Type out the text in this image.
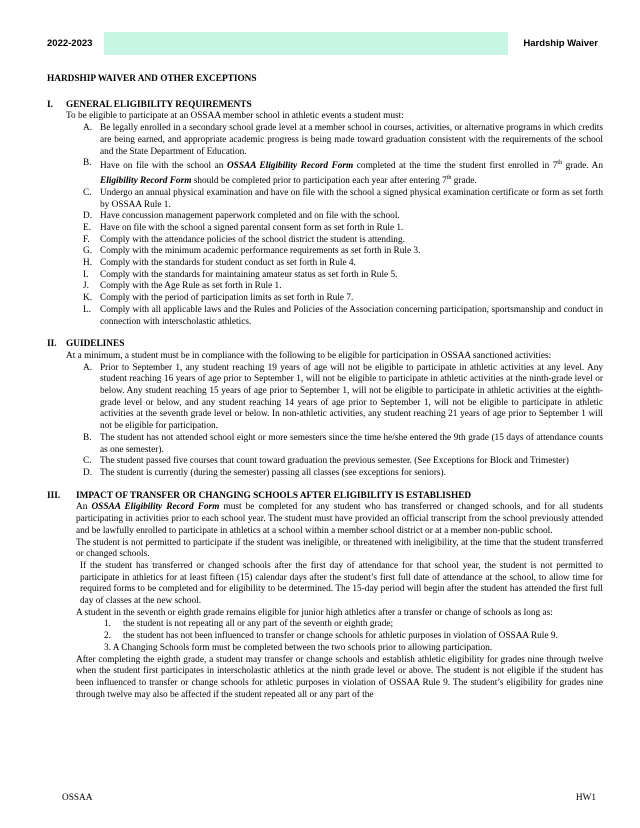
2022-2023	Hardship Waiver
HARDSHIP WAIVER AND OTHER EXCEPTIONS
I. GENERAL ELIGIBILITY REQUIREMENTS
To be eligible to participate at an OSSAA member school in athletic events a student must:
A. Be legally enrolled in a secondary school grade level at a member school in courses, activities, or alternative programs in which credits are being earned, and appropriate academic progress is being made toward graduation consistent with the requirements of the school and the State Department of Education.
B. Have on file with the school an OSSAA Eligibility Record Form completed at the time the student first enrolled in 7th grade. An Eligibility Record Form should be completed prior to participation each year after entering 7th grade.
C. Undergo an annual physical examination and have on file with the school a signed physical examination certificate or form as set forth by OSSAA Rule 1.
D. Have concussion management paperwork completed and on file with the school.
E. Have on file with the school a signed parental consent form as set forth in Rule 1.
F. Comply with the attendance policies of the school district the student is attending.
G. Comply with the minimum academic performance requirements as set forth in Rule 3.
H. Comply with the standards for student conduct as set forth in Rule 4.
I. Comply with the standards for maintaining amateur status as set forth in Rule 5.
J. Comply with the Age Rule as set forth in Rule 1.
K. Comply with the period of participation limits as set forth in Rule 7.
L. Comply with all applicable laws and the Rules and Policies of the Association concerning participation, sportsmanship and conduct in connection with interscholastic athletics.
II. GUIDELINES
At a minimum, a student must be in compliance with the following to be eligible for participation in OSSAA sanctioned activities:
A. Prior to September 1, any student reaching 19 years of age will not be eligible to participate in athletic activities at any level. Any student reaching 16 years of age prior to September 1, will not be eligible to participate in athletic activities at the ninth-grade level or below. Any student reaching 15 years of age prior to September 1, will not be eligible to participate in athletic activities at the eighth-grade level or below, and any student reaching 14 years of age prior to September 1, will not be eligible to participate in athletic activities at the seventh grade level or below. In non-athletic activities, any student reaching 21 years of age prior to September 1 will not be eligible for participation.
B. The student has not attended school eight or more semesters since the time he/she entered the 9th grade (15 days of attendance counts as one semester).
C. The student passed five courses that count toward graduation the previous semester. (See Exceptions for Block and Trimester)
D. The student is currently (during the semester) passing all classes (see exceptions for seniors).
III. IMPACT OF TRANSFER OR CHANGING SCHOOLS AFTER ELIGIBILITY IS ESTABLISHED
An OSSAA Eligibility Record Form must be completed for any student who has transferred or changed schools, and for all students participating in activities prior to each school year. The student must have provided an official transcript from the school previously attended and be lawfully enrolled to participate in athletics at a school within a member school district or at a member non-public school.
The student is not permitted to participate if the student was ineligible, or threatened with ineligibility, at the time that the student transferred or changed schools.
If the student has transferred or changed schools after the first day of attendance for that school year, the student is not permitted to participate in athletics for at least fifteen (15) calendar days after the student’s first full date of attendance at the school, to allow time for required forms to be completed and for eligibility to be determined. The 15-day period will begin after the student has attended the first full day of classes at the new school.
A student in the seventh or eighth grade remains eligible for junior high athletics after a transfer or change of schools as long as:
1. the student is not repeating all or any part of the seventh or eighth grade;
2. the student has not been influenced to transfer or change schools for athletic purposes in violation of OSSAA Rule 9.
3. A Changing Schools form must be completed between the two schools prior to allowing participation.
After completing the eighth grade, a student may transfer or change schools and establish athletic eligibility for grades nine through twelve when the student first participates in interscholastic athletics at the ninth grade level or above. The student is not eligible if the student has been influenced to transfer or change schools for athletic purposes in violation of OSSAA Rule 9. The student’s eligibility for grades nine through twelve may also be affected if the student repeated all or any part of the
OSSAA	HW1
